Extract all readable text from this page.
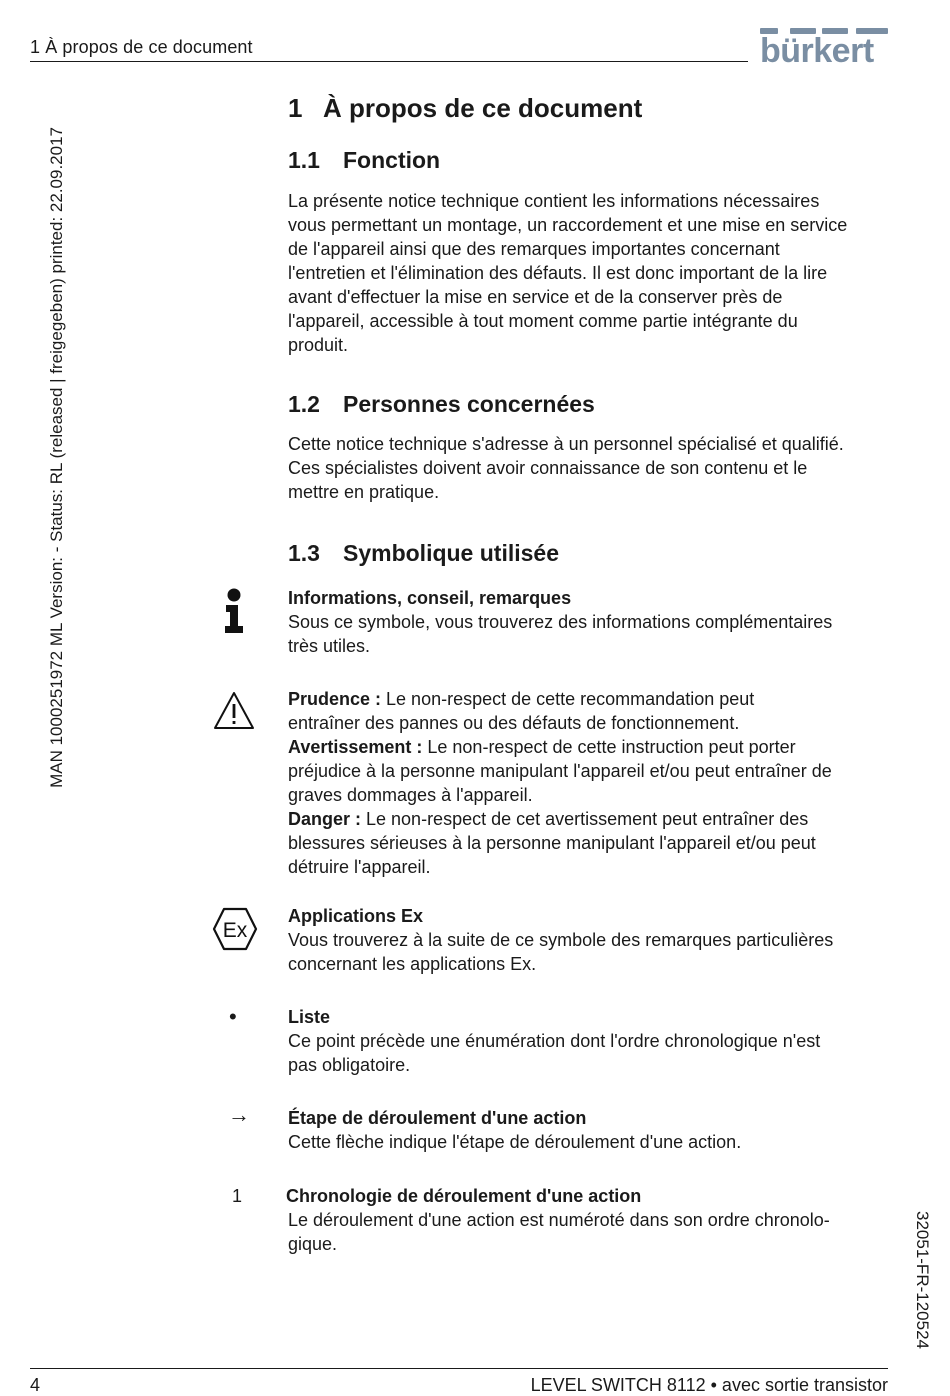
1 À propos de ce document	bürkert
MAN 1000251972 ML Version: - Status: RL (released | freigegeben) printed: 22.09.2017
32051-FR-120524
1 À propos de ce document
1.1 Fonction

La présente notice technique contient les informations nécessaires

vous permettant un montage, un raccordement et une mise en service

de l'appareil ainsi que des remarques importantes concernant

l'entretien et l'élimination des défauts. Il est donc important de la lire

avant d'effectuer la mise en service et de la conserver près de

l'appareil, accessible à tout moment comme partie intégrante du

produit.

1.2 Personnes concernées

Cette notice technique s'adresse à un personnel spécialisé et qualifié.

Ces spécialistes doivent avoir connaissance de son contenu et le

mettre en pratique.

1.3 Symbolique utilisée

Informations, conseil, remarques

Sous ce symbole, vous trouverez des informations complémentaires

très utiles.

Prudence : Le non-respect de cette recommandation peut

entraîner des pannes ou des défauts de fonctionnement.

Avertissement : Le non-respect de cette instruction peut porter

préjudice à la personne manipulant l'appareil et/ou peut entraîner de

graves dommages à l'appareil.

Danger : Le non-respect de cet avertissement peut entraîner des

blessures sérieuses à la personne manipulant l'appareil et/ou peut

détruire l'appareil.

Ex

Applications Ex

Vous trouverez à la suite de ce symbole des remarques particulières

concernant les applications Ex.

•	Liste

Ce point précède une énumération dont l'ordre chronologique n'est

pas obligatoire.

→ Étape de déroulement d'une action

Cette flèche indique l'étape de déroulement d'une action.

1 Chronologie de déroulement d'une action

Le déroulement d'une action est numéroté dans son ordre chronolo-

gique.

4	LEVEL SWITCH 8112 • avec sortie transistor
